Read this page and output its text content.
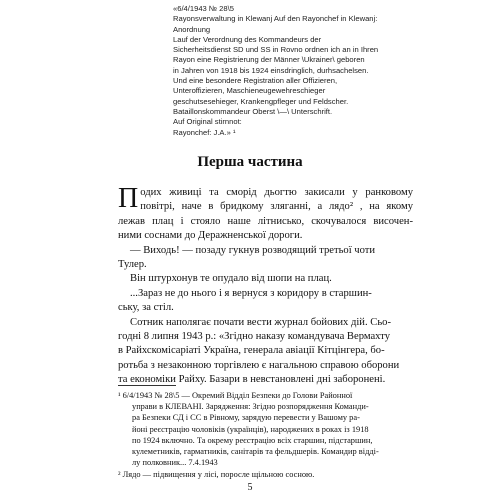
«6/4/1943 № 28\5
Rayonsverwaltung in Klewanj Auf den Rayonchef in Klewanj:
Anordnung
Lauf der Verordnung des Kommandeurs der
Sicherheitsdienst SD und SS in Rovno ordnen ich an in Ihren
Rayon eine Registrierung der Männer \Ukrainer\ geboren
in Jahren von 1918 bis 1924 einsdringlich, durhsachelsen.
Und eine besondere Registration aller Offizieren,
Unteroffizieren, Maschieneugewehreschieger
geschutsesehieger, Krankengpfleger und Feldscher.
Bataillonskommandeur Oberst \—\ Unterschrift.
Auf Original stirnnot:
Rayonchef: J.A.» ¹
Перша частина
П одих живиці та сморід дьогтю закисали у ранковому
повітрі, наче в бридкому зляганні, а лядо² , на якому
лежав плац і стояло наше літнисько, скочувалося височен-
ними соснами до Деражненської дороги.
— Виходь! — позаду гукнув розводящий третьої чоти
Тулер.
Він штурхонув те опудало від шопи на плац.
...Зараз не до нього і я вернуся з коридору в старшин-
ську, за стіл.
Сотник наполягає почати вести журнал бойових дій. Сьо-
годні 8 липня 1943 р.: «Згідно наказу командувача Вермахту
в Райхскомісаріаті Україна, генерала авіації Кітцінгера, бо-
ротьба з незаконною торгівлею є нагальною справою оборони
та економіки Райху. Базари в невстановлені дні заборонені.
¹ 6/4/1943 № 28\5 — Окремий Відділ Безпеки до Голови Районної
управи в КЛЕВАНІ. Зарядження: Згідно розпорядження Команди-
ра Безпеки СД і СС в Рівному, зарядую перевести у Вашому ра-
йоні реєстрацію чоловіків (українців), народжених в роках із 1918
по 1924 включно. Та окрему реєстрацію всіх старшин, підстаршин,
кулеметників, гарматників, санітарів та фельдшерів. Командир відді-
лу полковник... 7.4.1943
² Лядо — підвищення у лісі, поросле щільною сосною.
5
